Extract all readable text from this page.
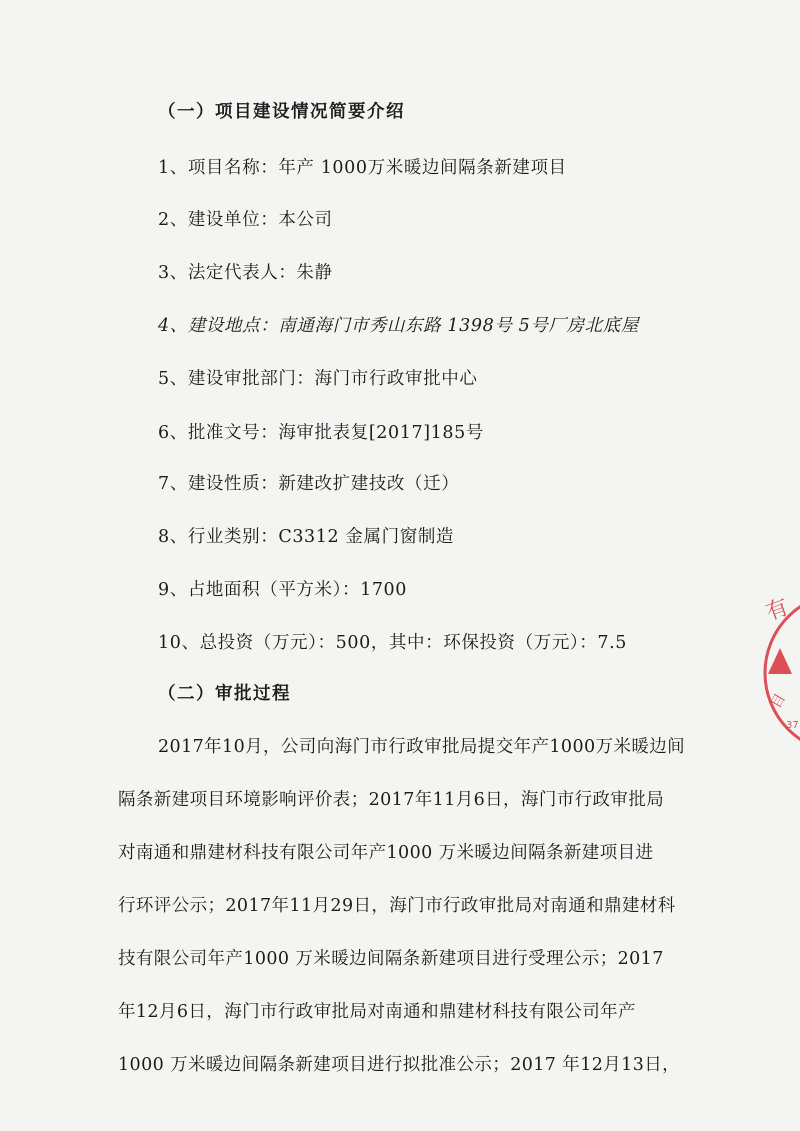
（一）项目建设情况简要介绍
1、项目名称：年产 1000万米暖边间隔条新建项目
2、建设单位：本公司
3、法定代表人：朱静
4、建设地点：南通海门市秀山东路 1398号 5号厂房北底屋
5、建设审批部门：海门市行政审批中心
6、批准文号：海审批表复[2017]185号
7、建设性质：新建改扩建技改（迁）
8、行业类别：C3312 金属门窗制造
9、占地面积（平方米）：1700
10、总投资（万元）：500，其中：环保投资（万元）：7.5
（二）审批过程
2017年10月，公司向海门市行政审批局提交年产1000万米暖边间
隔条新建项目环境影响评价表；2017年11月6日，海门市行政审批局
对南通和鼎建材科技有限公司年产1000 万米暖边间隔条新建项目进
行环评公示；2017年11月29日，海门市行政审批局对南通和鼎建材科
技有限公司年产1000 万米暖边间隔条新建项目进行受理公示；2017
年12月6日，海门市行政审批局对南通和鼎建材科技有限公司年产
1000 万米暖边间隔条新建项目进行拟批准公示；2017 年12月13日，
有
目
37
